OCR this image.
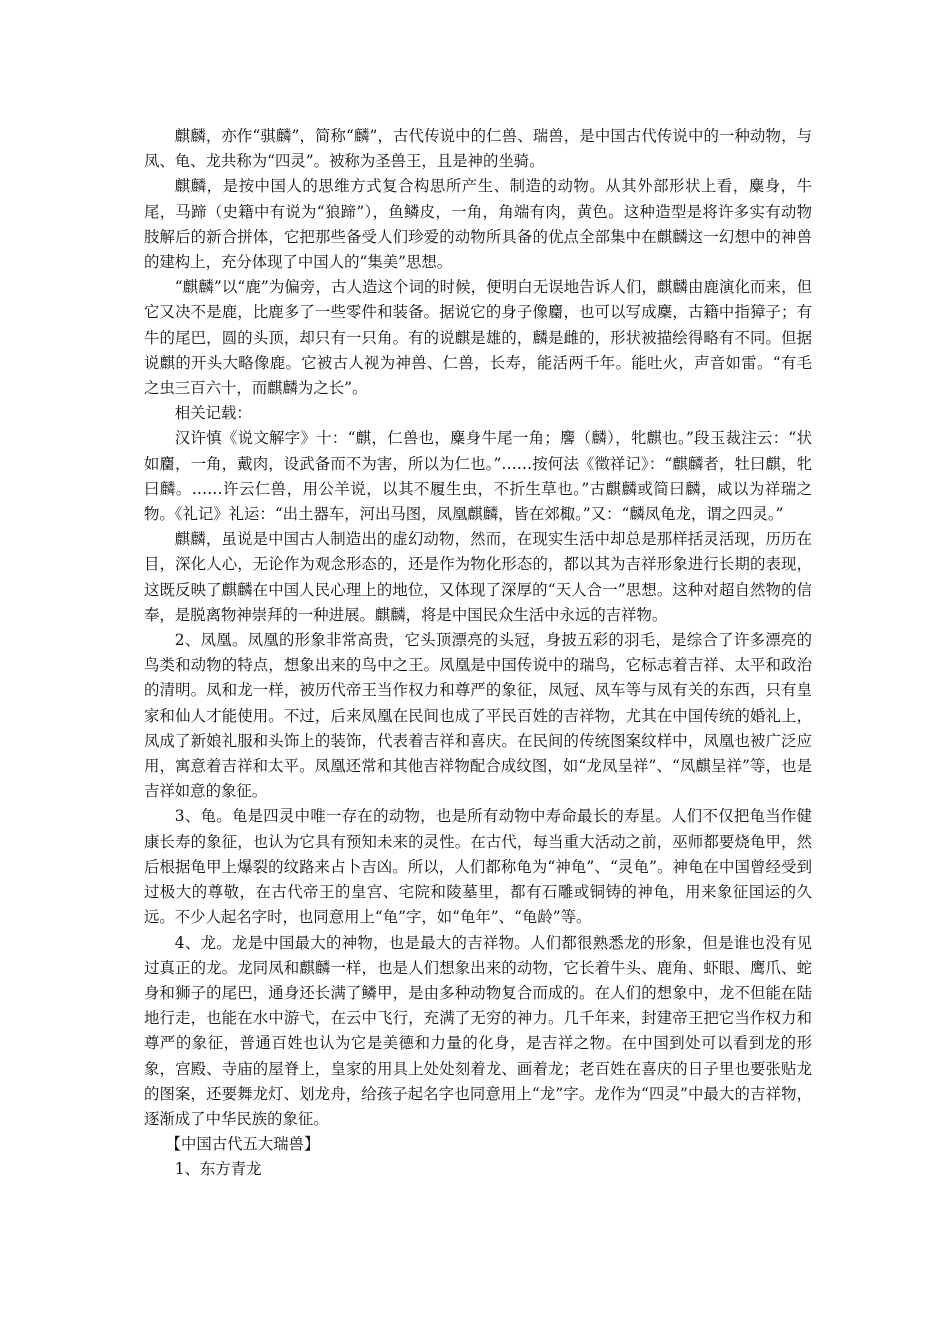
麒麟，亦作“骐麟”，简称“麟”，古代传说中的仁兽、瑞兽，是中国古代传说中的一种动物，与凤、龟、龙共称为“四灵”。被称为圣兽王，且是神的坐骑。

麒麟，是按中国人的思维方式复合构思所产生、制造的动物。从其外部形状上看，麋身，牛尾，马蹄（史籍中有说为“狼蹄”），鱼鳞皮，一角，角端有肉，黄色。这种造型是将许多实有动物肢解后的新合拼体，它把那些备受人们珍爱的动物所具备的优点全部集中在麒麟这一幻想中的神兽的建构上，充分体现了中国人的“集美”思想。

“麒麟”以“鹿”为偏旁，古人造这个词的时候，便明白无误地告诉人们，麒麟由鹿演化而来，但它又决不是鹿，比鹿多了一些零件和装备。据说它的身子像麕，也可以写成麇，古籍中指獐子；有牛的尾巴，圆的头顶，却只有一只角。有的说麒是雄的，麟是雌的，形状被描绘得略有不同。但据说麒的开头大略像鹿。它被古人视为神兽、仁兽，长寿，能活两千年。能吐火，声音如雷。“有毛之虫三百六十，而麒麟为之长”。

相关记载：

汉许慎《说文解字》十：“麒，仁兽也，麋身牛尾一角；麐（麟），牝麒也。”段玉裁注云：“状如麕，一角，戴肉，设武备而不为害，所以为仁也。”……按何法《徵祥记》：“麒麟者，牡曰麒，牝曰麟。……许云仁兽，用公羊说，以其不履生虫，不折生草也。”古麒麟或简曰麟，咸以为祥瑞之物。《礼记》礼运：“出土器车，河出马图，凤凰麒麟，皆在郊棷。”又：“麟凤龟龙，谓之四灵。”

麒麟，虽说是中国古人制造出的虚幻动物，然而，在现实生活中却总是那样括灵活现，历历在目，深化人心，无论作为观念形态的，还是作为物化形态的，都以其为吉祥形象进行长期的表现，这既反映了麒麟在中国人民心理上的地位，又体现了深厚的“天人合一”思想。这种对超自然物的信奉，是脱离物神崇拜的一种进展。麒麟，将是中国民众生活中永远的吉祥物。

2、凤凰。凤凰的形象非常高贵，它头顶漂亮的头冠，身披五彩的羽毛，是综合了许多漂亮的鸟类和动物的特点，想象出来的鸟中之王。凤凰是中国传说中的瑞鸟，它标志着吉祥、太平和政治的清明。凤和龙一样，被历代帝王当作权力和尊严的象征，凤冠、凤车等与凤有关的东西，只有皇家和仙人才能使用。不过，后来凤凰在民间也成了平民百姓的吉祥物，尤其在中国传统的婚礼上，凤成了新娘礼服和头饰上的装饰，代表着吉祥和喜庆。在民间的传统图案纹样中，凤凰也被广泛应用，寓意着吉祥和太平。凤凰还常和其他吉祥物配合成纹图，如“龙凤呈祥”、“凤麒呈祥”等，也是吉祥如意的象征。

3、龟。龟是四灵中唯一存在的动物，也是所有动物中寿命最长的寿星。人们不仅把龟当作健康长寿的象征，也认为它具有预知未来的灵性。在古代，每当重大活动之前，巫师都要烧龟甲，然后根据龟甲上爆裂的纹路来占卜吉凶。所以，人们都称龟为“神龟”、“灵龟”。神龟在中国曾经受到过极大的尊敬，在古代帝王的皇宫、宅院和陵墓里，都有石雕或铜铸的神龟，用来象征国运的久远。不少人起名字时，也同意用上“龟”字，如“龟年”、“龟龄”等。

4、龙。龙是中国最大的神物，也是最大的吉祥物。人们都很熟悉龙的形象，但是谁也没有见过真正的龙。龙同凤和麒麟一样，也是人们想象出来的动物，它长着牛头、鹿角、虾眼、鹰爪、蛇身和狮子的尾巴，通身还长满了鳞甲，是由多种动物复合而成的。在人们的想象中，龙不但能在陆地行走，也能在水中游弋，在云中飞行，充满了无穷的神力。几千年来，封建帝王把它当作权力和尊严的象征，普通百姓也认为它是美德和力量的化身，是吉祥之物。在中国到处可以看到龙的形象，宫殿、寺庙的屋脊上，皇家的用具上处处刻着龙、画着龙；老百姓在喜庆的日子里也要张贴龙的图案，还要舞龙灯、划龙舟，给孩子起名字也同意用上“龙”字。龙作为“四灵”中最大的吉祥物，逐渐成了中华民族的象征。

【中国古代五大瑞兽】

1、东方青龙
